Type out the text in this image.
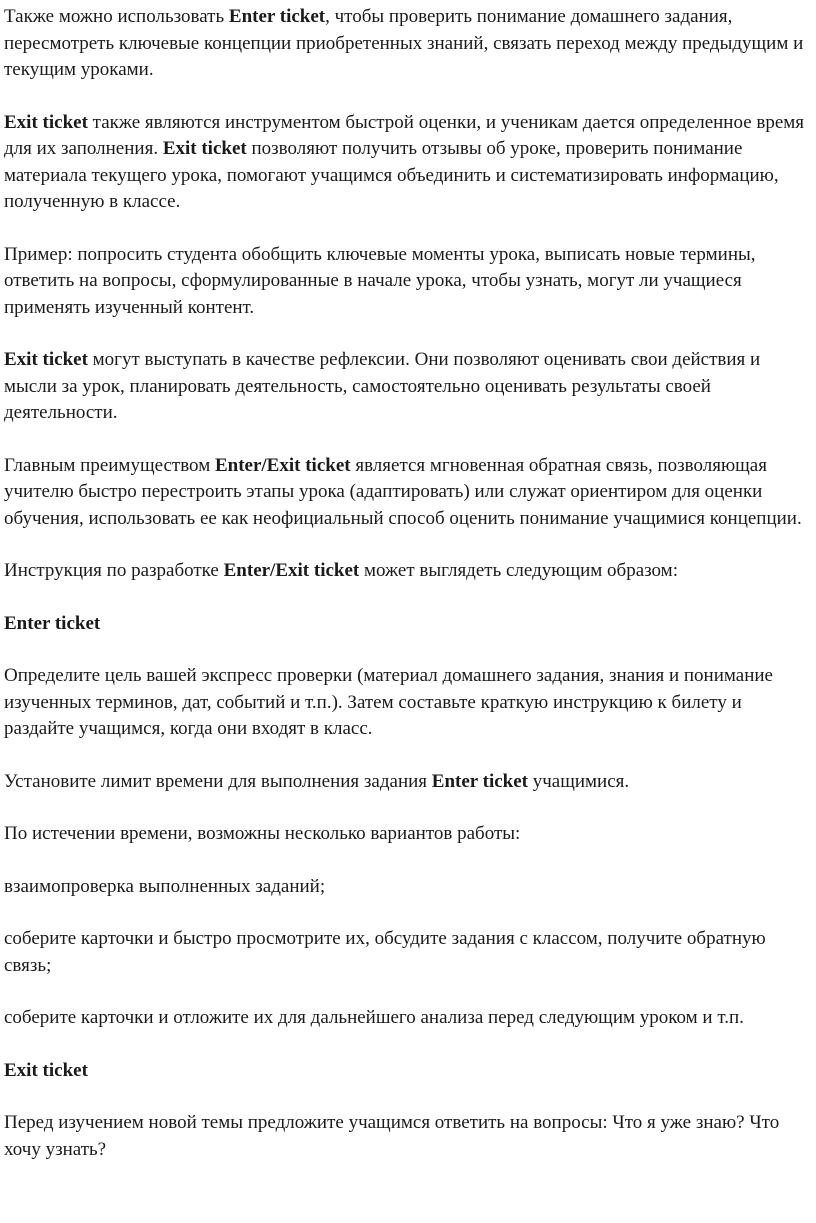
Также можно использовать Enter ticket, чтобы проверить понимание домашнего задания, пересмотреть ключевые концепции приобретенных знаний, связать переход между предыдущим и текущим уроками.

Exit ticket также являются инструментом быстрой оценки, и ученикам дается определенное время для их заполнения. Exit ticket позволяют получить отзывы об уроке, проверить понимание материала текущего урока, помогают учащимся объединить и систематизировать информацию, полученную в классе.

Пример: попросить студента обобщить ключевые моменты урока, выписать новые термины, ответить на вопросы, сформулированные в начале урока, чтобы узнать, могут ли учащиеся применять изученный контент.

Exit ticket могут выступать в качестве рефлексии. Они позволяют оценивать свои действия и мысли за урок, планировать деятельность, самостоятельно оценивать результаты своей деятельности.

Главным преимуществом Enter/Exit ticket является мгновенная обратная связь, позволяющая учителю быстро перестроить этапы урока (адаптировать) или служат ориентиром для оценки обучения, использовать ее как неофициальный способ оценить понимание учащимися концепции.

Инструкция по разработке Enter/Exit ticket может выглядеть следующим образом:

Enter ticket

Определите цель вашей экспресс проверки (материал домашнего задания, знания и понимание изученных терминов, дат, событий и т.п.). Затем составьте краткую инструкцию к билету и раздайте учащимся, когда они входят в класс.

Установите лимит времени для выполнения задания Enter ticket учащимися.

По истечении времени, возможны несколько вариантов работы:

взаимопроверка выполненных заданий;

соберите карточки и быстро просмотрите их, обсудите задания с классом, получите обратную связь;

соберите карточки и отложите их для дальнейшего анализа перед следующим уроком и т.п.

Exit ticket

Перед изучением новой темы предложите учащимся ответить на вопросы: Что я уже знаю? Что хочу узнать?
